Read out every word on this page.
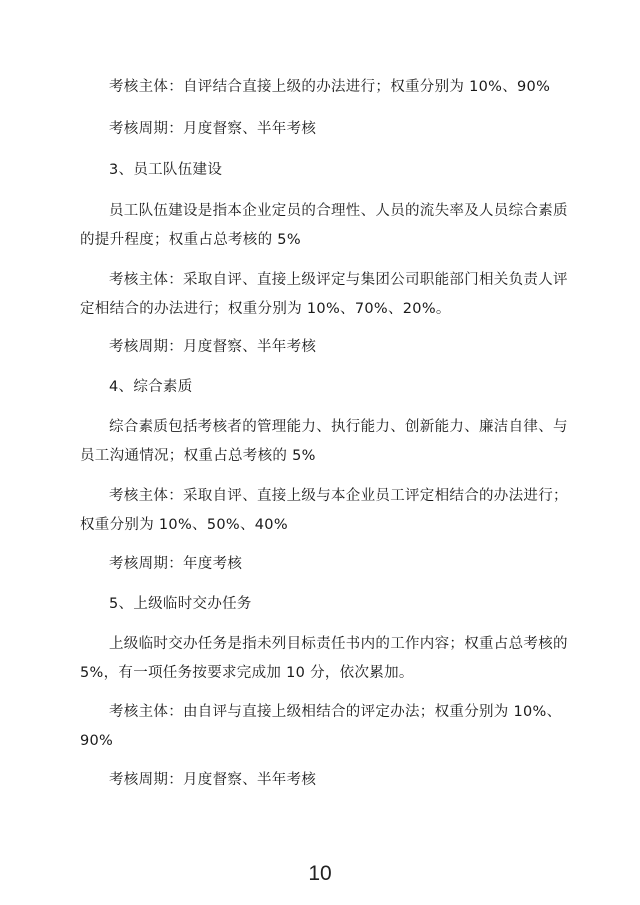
考核主体：自评结合直接上级的办法进行；权重分别为 10%、90%

考核周期：月度督察、半年考核

3、员工队伍建设

员工队伍建设是指本企业定员的合理性、人员的流失率及人员综合素质的提升程度；权重占总考核的 5%

考核主体：采取自评、直接上级评定与集团公司职能部门相关负责人评定相结合的办法进行；权重分别为 10%、70%、20%。

考核周期：月度督察、半年考核

4、综合素质

综合素质包括考核者的管理能力、执行能力、创新能力、廉洁自律、与员工沟通情况；权重占总考核的 5%

考核主体：采取自评、直接上级与本企业员工评定相结合的办法进行；权重分别为 10%、50%、40%

考核周期：年度考核

5、上级临时交办任务

上级临时交办任务是指未列目标责任书内的工作内容；权重占总考核的 5%，有一项任务按要求完成加 10 分，依次累加。

考核主体：由自评与直接上级相结合的评定办法；权重分别为 10%、90%

考核周期：月度督察、半年考核

10
